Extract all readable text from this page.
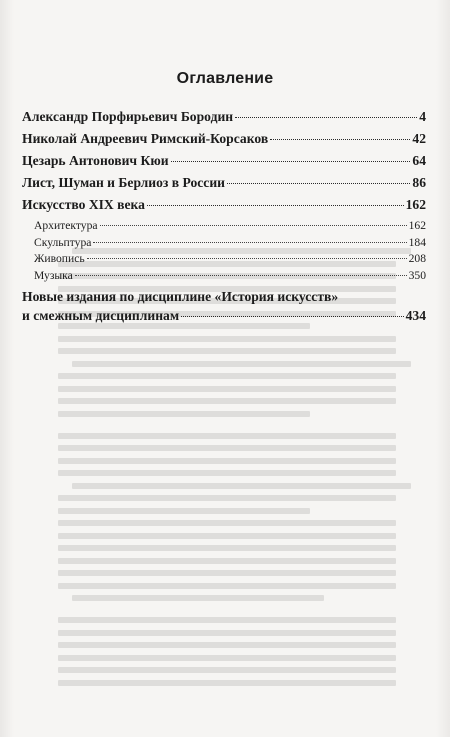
Оглавление
Александр Порфирьевич Бородин	4
Николай Андреевич Римский-Корсаков	42
Цезарь Антонович Кюи	64
Лист, Шуман и Берлиоз в России	86
Искусство XIX века	162
Архитектура	162
Скульптура	184
Живопись	208
Музыка	350
Новые издания по дисциплине «История искусств»
и смежным дисциплинам	434
